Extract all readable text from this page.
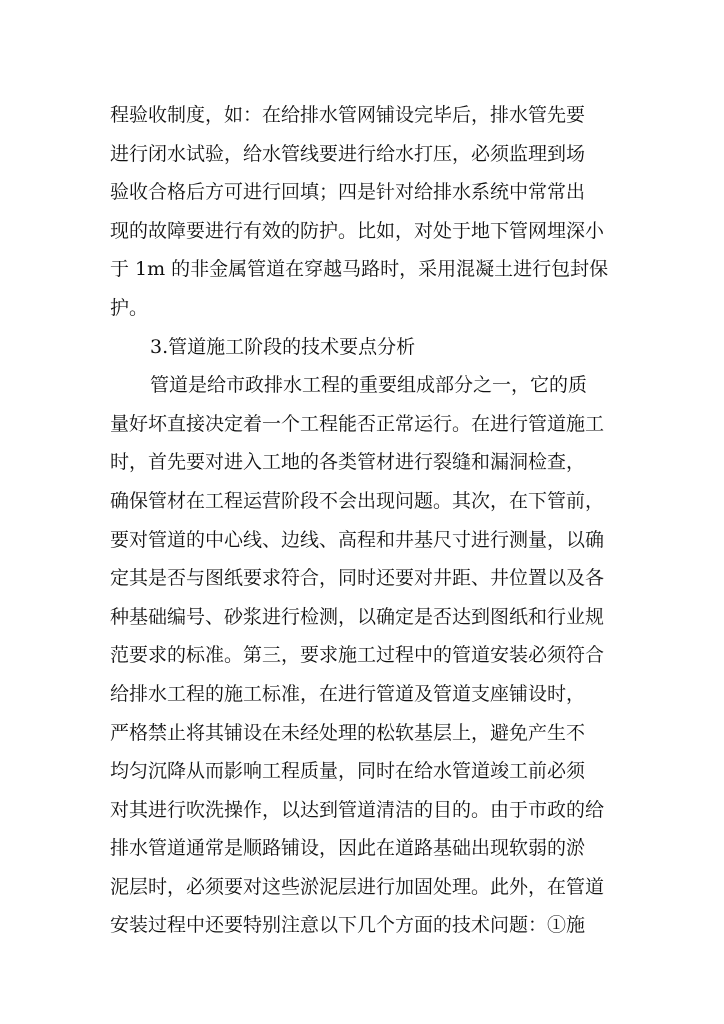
程验收制度，如：在给排水管网铺设完毕后，排水管先要
进行闭水试验，给水管线要进行给水打压，必须监理到场
验收合格后方可进行回填；四是针对给排水系统中常常出
现的故障要进行有效的防护。比如，对处于地下管网埋深小
于 1m 的非金属管道在穿越马路时，采用混凝土进行包封保
护。
3.管道施工阶段的技术要点分析
管道是给市政排水工程的重要组成部分之一，它的质
量好坏直接决定着一个工程能否正常运行。在进行管道施工
时，首先要对进入工地的各类管材进行裂缝和漏洞检查，
确保管材在工程运营阶段不会出现问题。其次，在下管前，
要对管道的中心线、边线、高程和井基尺寸进行测量，以确
定其是否与图纸要求符合，同时还要对井距、井位置以及各
种基础编号、砂浆进行检测，以确定是否达到图纸和行业规
范要求的标准。第三，要求施工过程中的管道安装必须符合
给排水工程的施工标准，在进行管道及管道支座铺设时，
严格禁止将其铺设在未经处理的松软基层上，避免产生不
均匀沉降从而影响工程质量，同时在给水管道竣工前必须
对其进行吹洗操作，以达到管道清洁的目的。由于市政的给
排水管道通常是顺路铺设，因此在道路基础出现软弱的淤
泥层时，必须要对这些淤泥层进行加固处理。此外，在管道
安装过程中还要特别注意以下几个方面的技术问题：①施
